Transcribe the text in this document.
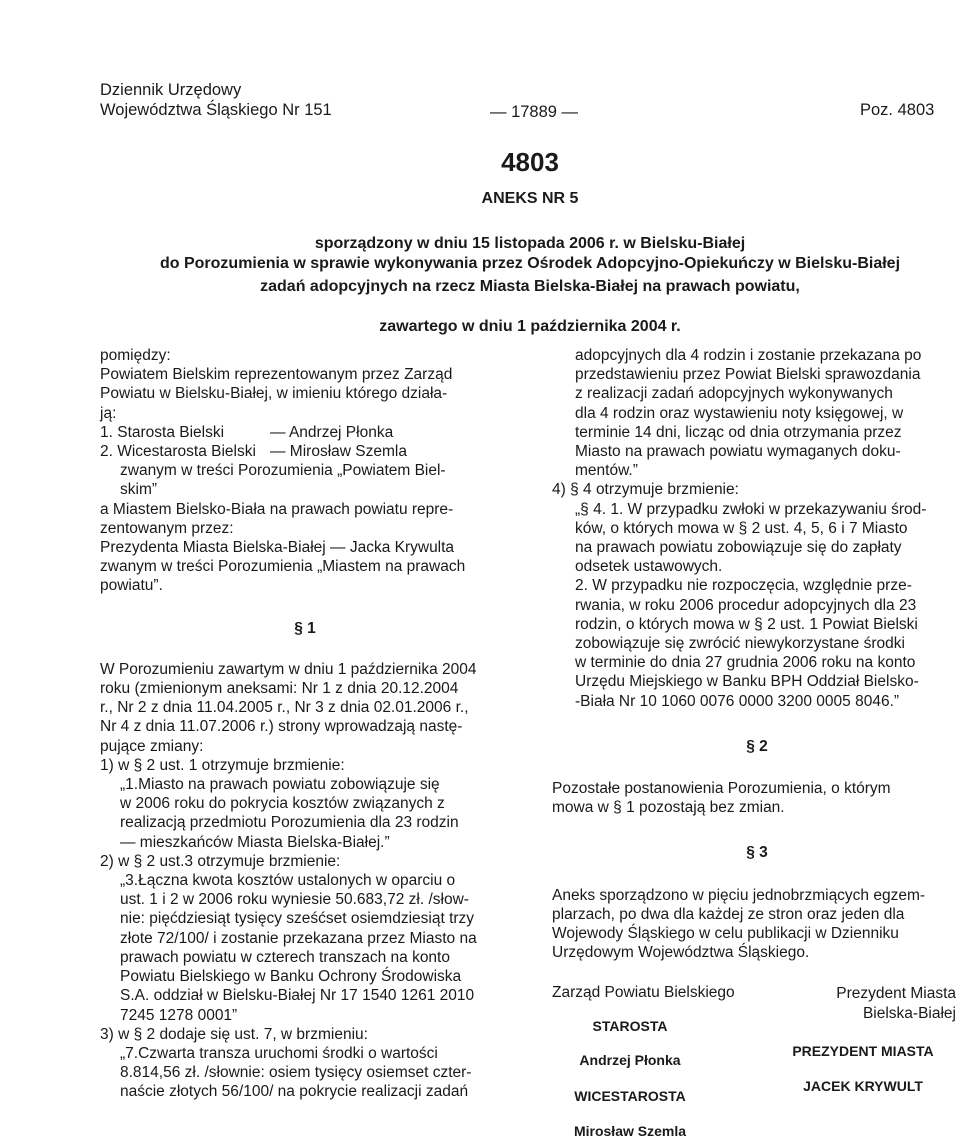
Dziennik Urzędowy
Województwa Śląskiego Nr 151	— 17889 —	Poz. 4803
4803
ANEKS NR 5
sporządzony w dniu 15 listopada 2006 r. w Bielsku-Białej
do Porozumienia w sprawie wykonywania przez Ośrodek Adopcyjno-Opiekuńczy w Bielsku-Białej
zadań adopcyjnych na rzecz Miasta Bielska-Białej na prawach powiatu,
zawartego w dniu 1 października 2004 r.

pomiędzy:

Powiatem Bielskim reprezentowanym przez Zarząd

Powiatu w Bielsku-Białej, w imieniu którego działa-

ją:

1. Starosta Bielski	— Andrzej Płonka

2. Wicestarosta Bielski — Mirosław Szemla

zwanym w treści Porozumienia „Powiatem Biel-

skim”

a Miastem Bielsko-Biała na prawach powiatu repre-

zentowanym przez:

Prezydenta Miasta Bielska-Białej — Jacka Krywulta

zwanym w treści Porozumienia „Miastem na prawach

powiatu”.

§ 1

W Porozumieniu zawartym w dniu 1 października 2004

roku (zmienionym aneksami: Nr 1 z dnia 20.12.2004

r., Nr 2 z dnia 11.04.2005 r., Nr 3 z dnia 02.01.2006 r.,

Nr 4 z dnia 11.07.2006 r.) strony wprowadzają nastę-

pujące zmiany:

1) w § 2 ust. 1 otrzymuje brzmienie:

„1.Miasto na prawach powiatu zobowiązuje się

w 2006 roku do pokrycia kosztów związanych z

realizacją przedmiotu Porozumienia dla 23 rodzin

— mieszkańców Miasta Bielska-Białej.”

2) w § 2 ust.3 otrzymuje brzmienie:

„3.Łączna kwota kosztów ustalonych w oparciu o

ust. 1 i 2 w 2006 roku wyniesie 50.683,72 zł. /słow-

nie: pięćdziesiąt tysięcy sześćset osiemdziesiąt trzy

złote 72/100/ i zostanie przekazana przez Miasto na

prawach powiatu w czterech transzach na konto

Powiatu Bielskiego w Banku Ochrony Środowiska

S.A. oddział w Bielsku-Białej Nr 17 1540 1261 2010

7245 1278 0001”

3) w § 2 dodaje się ust. 7, w brzmieniu:

„7.Czwarta transza uruchomi środki o wartości

8.814,56 zł. /słownie: osiem tysięcy osiemset czter-

naście złotych 56/100/ na pokrycie realizacji zadań

adopcyjnych dla 4 rodzin i zostanie przekazana po

przedstawieniu przez Powiat Bielski sprawozdania

z realizacji zadań adopcyjnych wykonywanych

dla 4 rodzin oraz wystawieniu noty księgowej, w

terminie 14 dni, licząc od dnia otrzymania przez

Miasto na prawach powiatu wymaganych doku-

mentów.”

4) § 4 otrzymuje brzmienie:

„§ 4. 1. W przypadku zwłoki w przekazywaniu środ-

ków, o których mowa w § 2 ust. 4, 5, 6 i 7 Miasto

na prawach powiatu zobowiązuje się do zapłaty

odsetek ustawowych.

2. W przypadku nie rozpoczęcia, względnie prze-

rwania, w roku 2006 procedur adopcyjnych dla 23

rodzin, o których mowa w § 2 ust. 1 Powiat Bielski

zobowiązuje się zwrócić niewykorzystane środki

w terminie do dnia 27 grudnia 2006 roku na konto

Urzędu Miejskiego w Banku BPH Oddział Bielsko-

-Biała Nr 10 1060 0076 0000 3200 0005 8046.”

§ 2

Pozostałe postanowienia Porozumienia, o którym

mowa w § 1 pozostają bez zmian.

§ 3

Aneks sporządzono w pięciu jednobrzmiących egzem-

plarzach, po dwa dla każdej ze stron oraz jeden dla

Wojewody Śląskiego w celu publikacji w Dzienniku

Urzędowym Województwa Śląskiego.

Zarząd Powiatu Bielskiego	Prezydent Miasta
Bielska-Białej
STAROSTA
Andrzej Płonka
WICESTAROSTA
Mirosław Szemla
PREZYDENT MIASTA
JACEK KRYWULT
